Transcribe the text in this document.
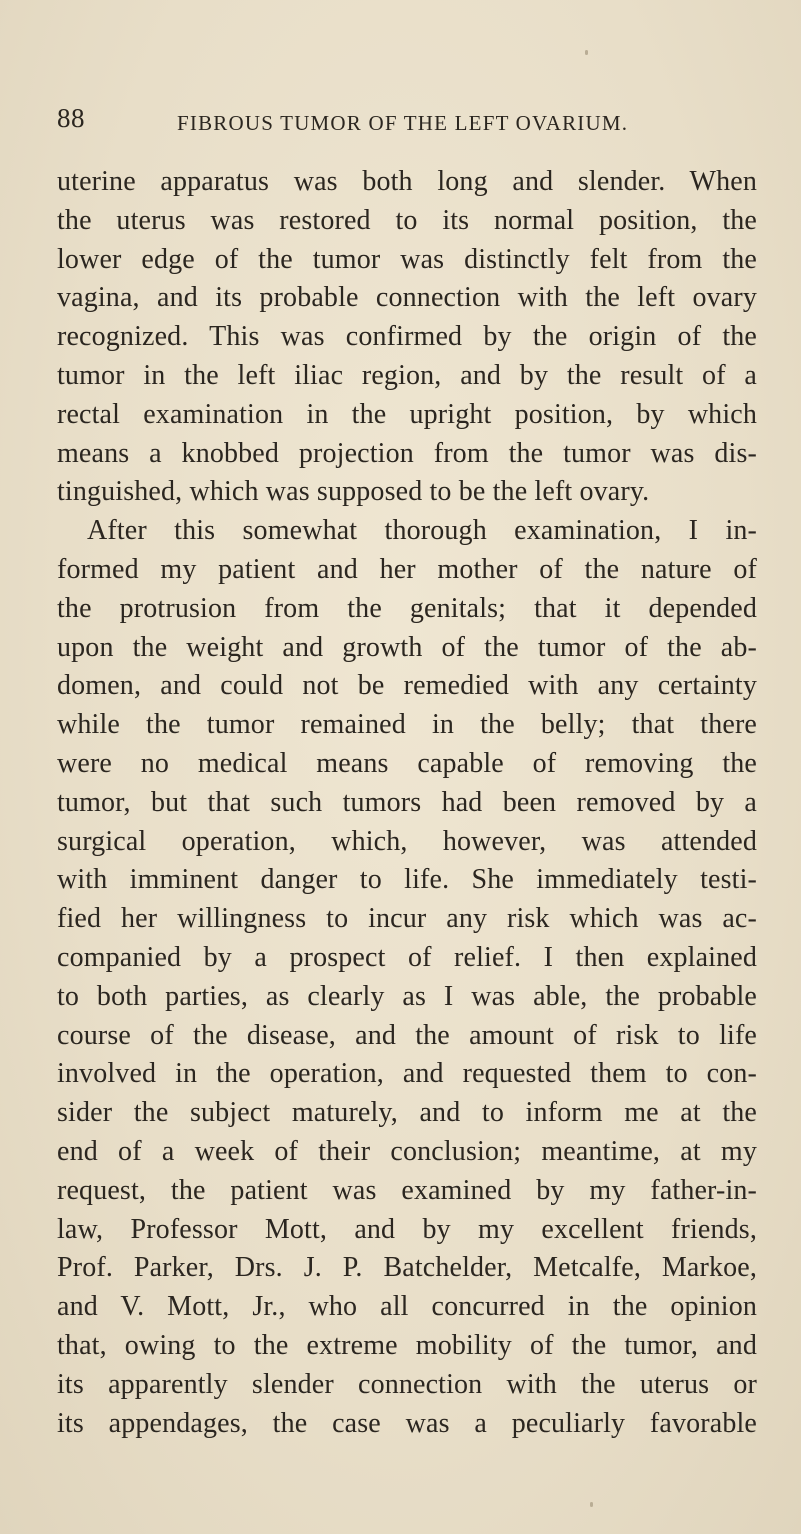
88	FIBROUS TUMOR OF THE LEFT OVARIUM.
uterine apparatus was both long and slender. When
the uterus was restored to its normal position, the
lower edge of the tumor was distinctly felt from the
vagina, and its probable connection with the left ovary
recognized. This was confirmed by the origin of the
tumor in the left iliac region, and by the result of a
rectal examination in the upright position, by which
means a knobbed projection from the tumor was dis-
tinguished, which was supposed to be the left ovary.
After this somewhat thorough examination, I in-
formed my patient and her mother of the nature of
the protrusion from the genitals; that it depended
upon the weight and growth of the tumor of the ab-
domen, and could not be remedied with any certainty
while the tumor remained in the belly; that there
were no medical means capable of removing the
tumor, but that such tumors had been removed by a
surgical operation, which, however, was attended
with imminent danger to life. She immediately testi-
fied her willingness to incur any risk which was ac-
companied by a prospect of relief. I then explained
to both parties, as clearly as I was able, the probable
course of the disease, and the amount of risk to life
involved in the operation, and requested them to con-
sider the subject maturely, and to inform me at the
end of a week of their conclusion; meantime, at my
request, the patient was examined by my father-in-
law, Professor Mott, and by my excellent friends,
Prof. Parker, Drs. J. P. Batchelder, Metcalfe, Markoe,
and V. Mott, Jr., who all concurred in the opinion
that, owing to the extreme mobility of the tumor, and
its apparently slender connection with the uterus or
its appendages, the case was a peculiarly favorable
